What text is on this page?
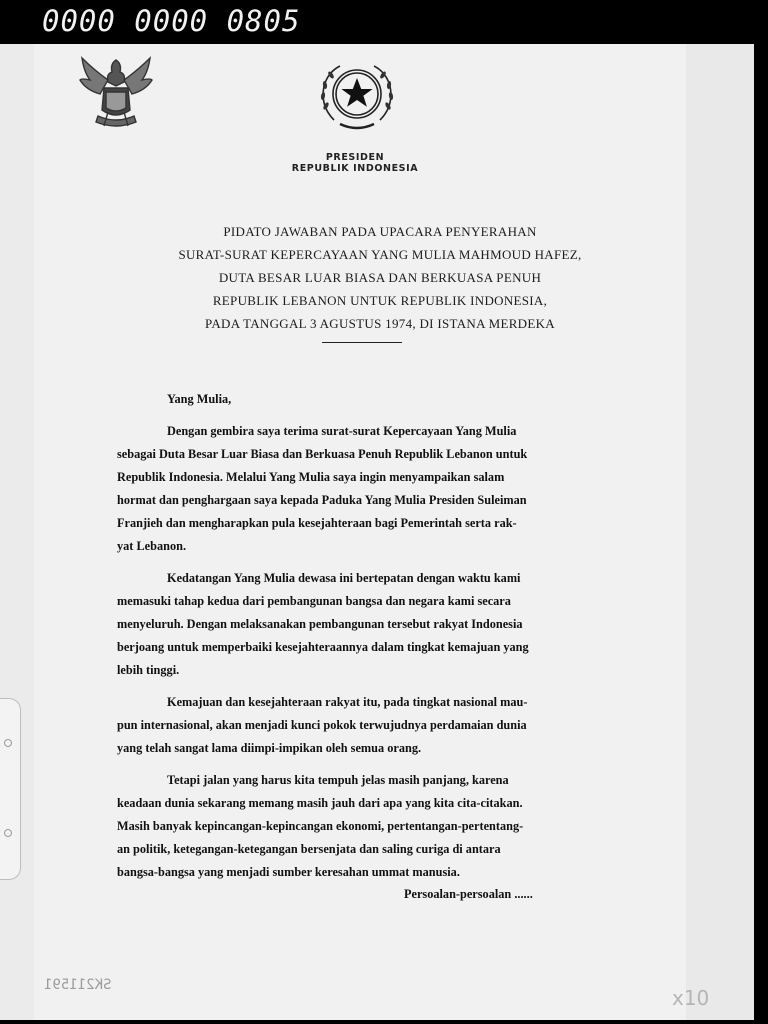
0000 0000 0805
PRESIDEN
REPUBLIK INDONESIA
PIDATO JAWABAN PADA UPACARA PENYERAHAN
SURAT-SURAT KEPERCAYAAN YANG MULIA MAHMOUD HAFEZ,
DUTA BESAR LUAR BIASA DAN BERKUASA PENUH
REPUBLIK LEBANON UNTUK REPUBLIK INDONESIA,
PADA TANGGAL 3 AGUSTUS 1974, DI ISTANA MERDEKA
Yang Mulia,
Dengan gembira saya terima surat-surat Kepercayaan Yang Mulia
sebagai Duta Besar Luar Biasa dan Berkuasa Penuh Republik Lebanon untuk
Republik Indonesia. Melalui Yang Mulia saya ingin menyampaikan salam
hormat dan penghargaan saya kepada Paduka Yang Mulia Presiden Suleiman
Franjieh dan mengharapkan pula kesejahteraan bagi Pemerintah serta rak-
yat Lebanon.
Kedatangan Yang Mulia dewasa ini bertepatan dengan waktu kami
memasuki tahap kedua dari pembangunan bangsa dan negara kami secara
menyeluruh. Dengan melaksanakan pembangunan tersebut rakyat Indonesia
berjoang untuk memperbaiki kesejahteraannya dalam tingkat kemajuan yang
lebih tinggi.
Kemajuan dan kesejahteraan rakyat itu, pada tingkat nasional mau-
pun internasional, akan menjadi kunci pokok terwujudnya perdamaian dunia
yang telah sangat lama diimpi-impikan oleh semua orang.
Tetapi jalan yang harus kita tempuh jelas masih panjang, karena
keadaan dunia sekarang memang masih jauh dari apa yang kita cita-citakan.
Masih banyak kepincangan-kepincangan ekonomi, pertentangan-pertentang-
an politik, ketegangan-ketegangan bersenjata dan saling curiga di antara
bangsa-bangsa yang menjadi sumber keresahan ummat manusia.
Persoalan-persoalan ......
SK211591
x10
